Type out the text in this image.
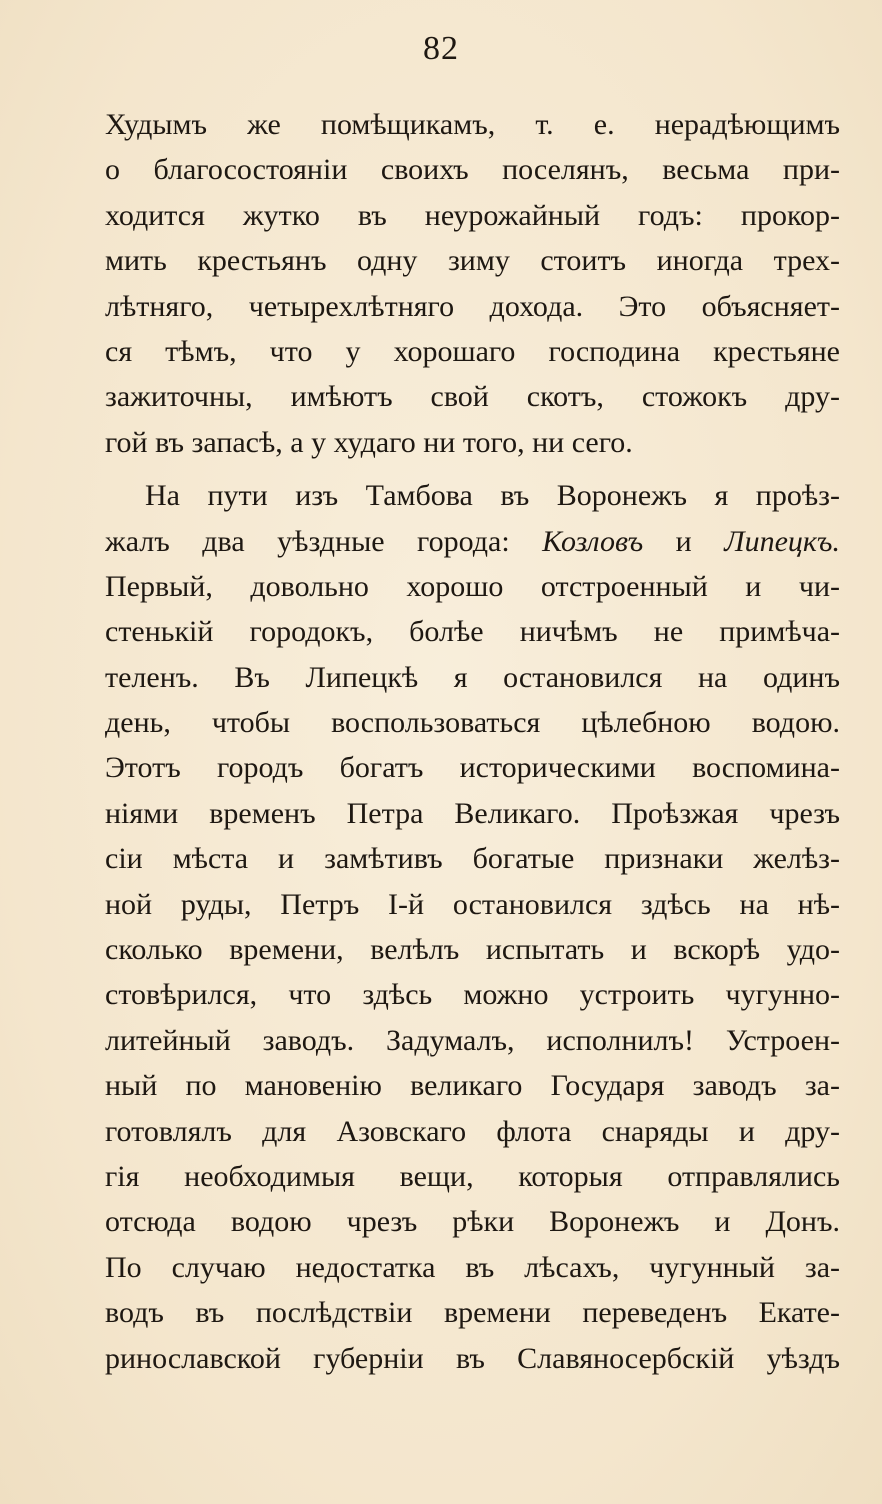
82
Худымъ же помѣщикамъ, т. е. нерадѣющимъ
о благосостояніи своихъ поселянъ, весьма при-
ходится жутко въ неурожайный годъ: прокор-
мить крестьянъ одну зиму стоитъ иногда трех-
лѣтняго, четырехлѣтняго дохода. Это объясняет-
ся тѣмъ, что у хорошаго господина крестьяне
зажиточны, имѣютъ свой скотъ, стожокъ дру-
гой въ запасѣ, а у худаго ни того, ни сего.
На пути изъ Тамбова въ Воронежъ я проѣз-
жалъ два уѣздные города: Козловъ и Липецкъ.
Первый, довольно хорошо отстроенный и чи-
стенькій городокъ, болѣе ничѣмъ не примѣча-
теленъ. Въ Липецкѣ я остановился на одинъ
день, чтобы воспользоваться цѣлебною водою.
Этотъ городъ богатъ историческими воспомина-
ніями временъ Петра Великаго. Проѣзжая чрезъ
сіи мѣста и замѣтивъ богатые признаки желѣз-
ной руды, Петръ I-й остановился здѣсь на нѣ-
сколько времени, велѣлъ испытать и вскорѣ удо-
стовѣрился, что здѣсь можно устроить чугунно-
литейный заводъ. Задумалъ, исполнилъ! Устроен-
ный по мановенію великаго Государя заводъ за-
готовлялъ для Азовскаго флота снаряды и дру-
гія необходимыя вещи, которыя отправлялись
отсюда водою чрезъ рѣки Воронежъ и Донъ.
По случаю недостатка въ лѣсахъ, чугунный за-
водъ въ послѣдствіи времени переведенъ Екате-
ринославской губерніи въ Славяносербскій уѣздъ
